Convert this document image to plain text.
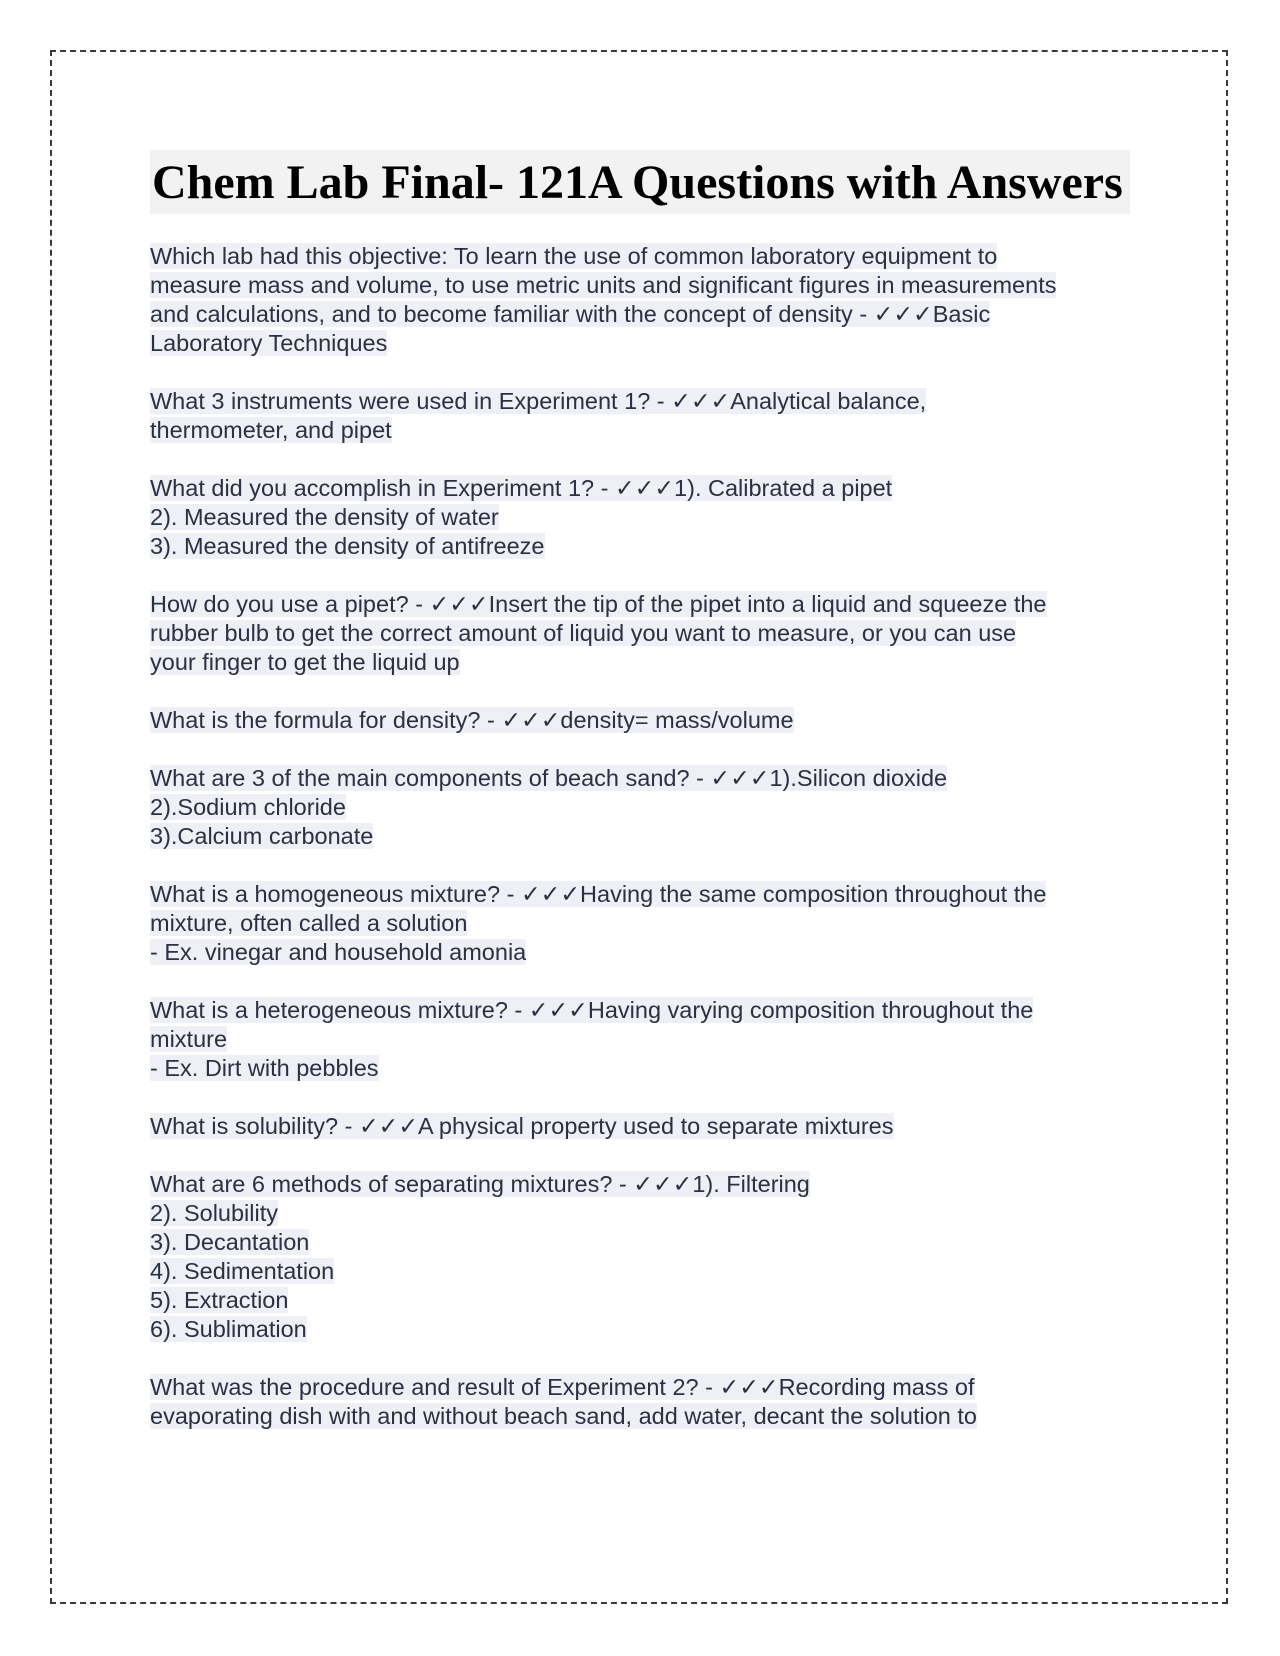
Chem Lab Final- 121A Questions with Answers

Which lab had this objective: To learn the use of common laboratory equipment to
measure mass and volume, to use metric units and significant figures in measurements
and calculations, and to become familiar with the concept of density - ✓✓✓Basic
Laboratory Techniques

What 3 instruments were used in Experiment 1? - ✓✓✓Analytical balance,
thermometer, and pipet

What did you accomplish in Experiment 1? - ✓✓✓1). Calibrated a pipet
2). Measured the density of water
3). Measured the density of antifreeze

How do you use a pipet? - ✓✓✓Insert the tip of the pipet into a liquid and squeeze the
rubber bulb to get the correct amount of liquid you want to measure, or you can use
your finger to get the liquid up

What is the formula for density? - ✓✓✓density= mass/volume

What are 3 of the main components of beach sand? - ✓✓✓1).Silicon dioxide
2).Sodium chloride
3).Calcium carbonate

What is a homogeneous mixture? - ✓✓✓Having the same composition throughout the
mixture, often called a solution
- Ex. vinegar and household amonia

What is a heterogeneous mixture? - ✓✓✓Having varying composition throughout the
mixture
- Ex. Dirt with pebbles

What is solubility? - ✓✓✓A physical property used to separate mixtures

What are 6 methods of separating mixtures? - ✓✓✓1). Filtering
2). Solubility
3). Decantation
4). Sedimentation
5). Extraction
6). Sublimation

What was the procedure and result of Experiment 2? - ✓✓✓Recording mass of
evaporating dish with and without beach sand, add water, decant the solution to
